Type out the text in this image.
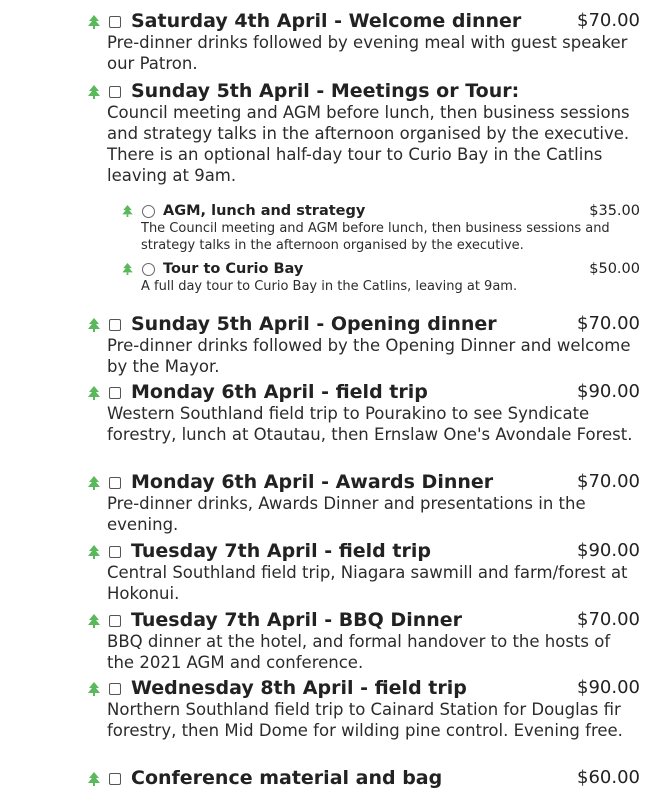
Saturday 4th April - Welcome dinner	$70.00
Pre-dinner drinks followed by evening meal with guest speaker our Patron.
Sunday 5th April - Meetings or Tour:
Council meeting and AGM before lunch, then business sessions and strategy talks in the afternoon organised by the executive. There is an optional half-day tour to Curio Bay in the Catlins leaving at 9am.
AGM, lunch and strategy	$35.00
The Council meeting and AGM before lunch, then business sessions and strategy talks in the afternoon organised by the executive.
Tour to Curio Bay	$50.00
A full day tour to Curio Bay in the Catlins, leaving at 9am.
Sunday 5th April - Opening dinner	$70.00
Pre-dinner drinks followed by the Opening Dinner and welcome by the Mayor.
Monday 6th April - field trip	$90.00
Western Southland field trip to Pourakino to see Syndicate forestry, lunch at Otautau, then Ernslaw One's Avondale Forest.
Monday 6th April - Awards Dinner	$70.00
Pre-dinner drinks, Awards Dinner and presentations in the evening.
Tuesday 7th April - field trip	$90.00
Central Southland field trip, Niagara sawmill and farm/forest at Hokonui.
Tuesday 7th April - BBQ Dinner	$70.00
BBQ dinner at the hotel, and formal handover to the hosts of the 2021 AGM and conference.
Wednesday 8th April - field trip	$90.00
Northern Southland field trip to Cainard Station for Douglas fir forestry, then Mid Dome for wilding pine control. Evening free.
Conference material and bag	$60.00
